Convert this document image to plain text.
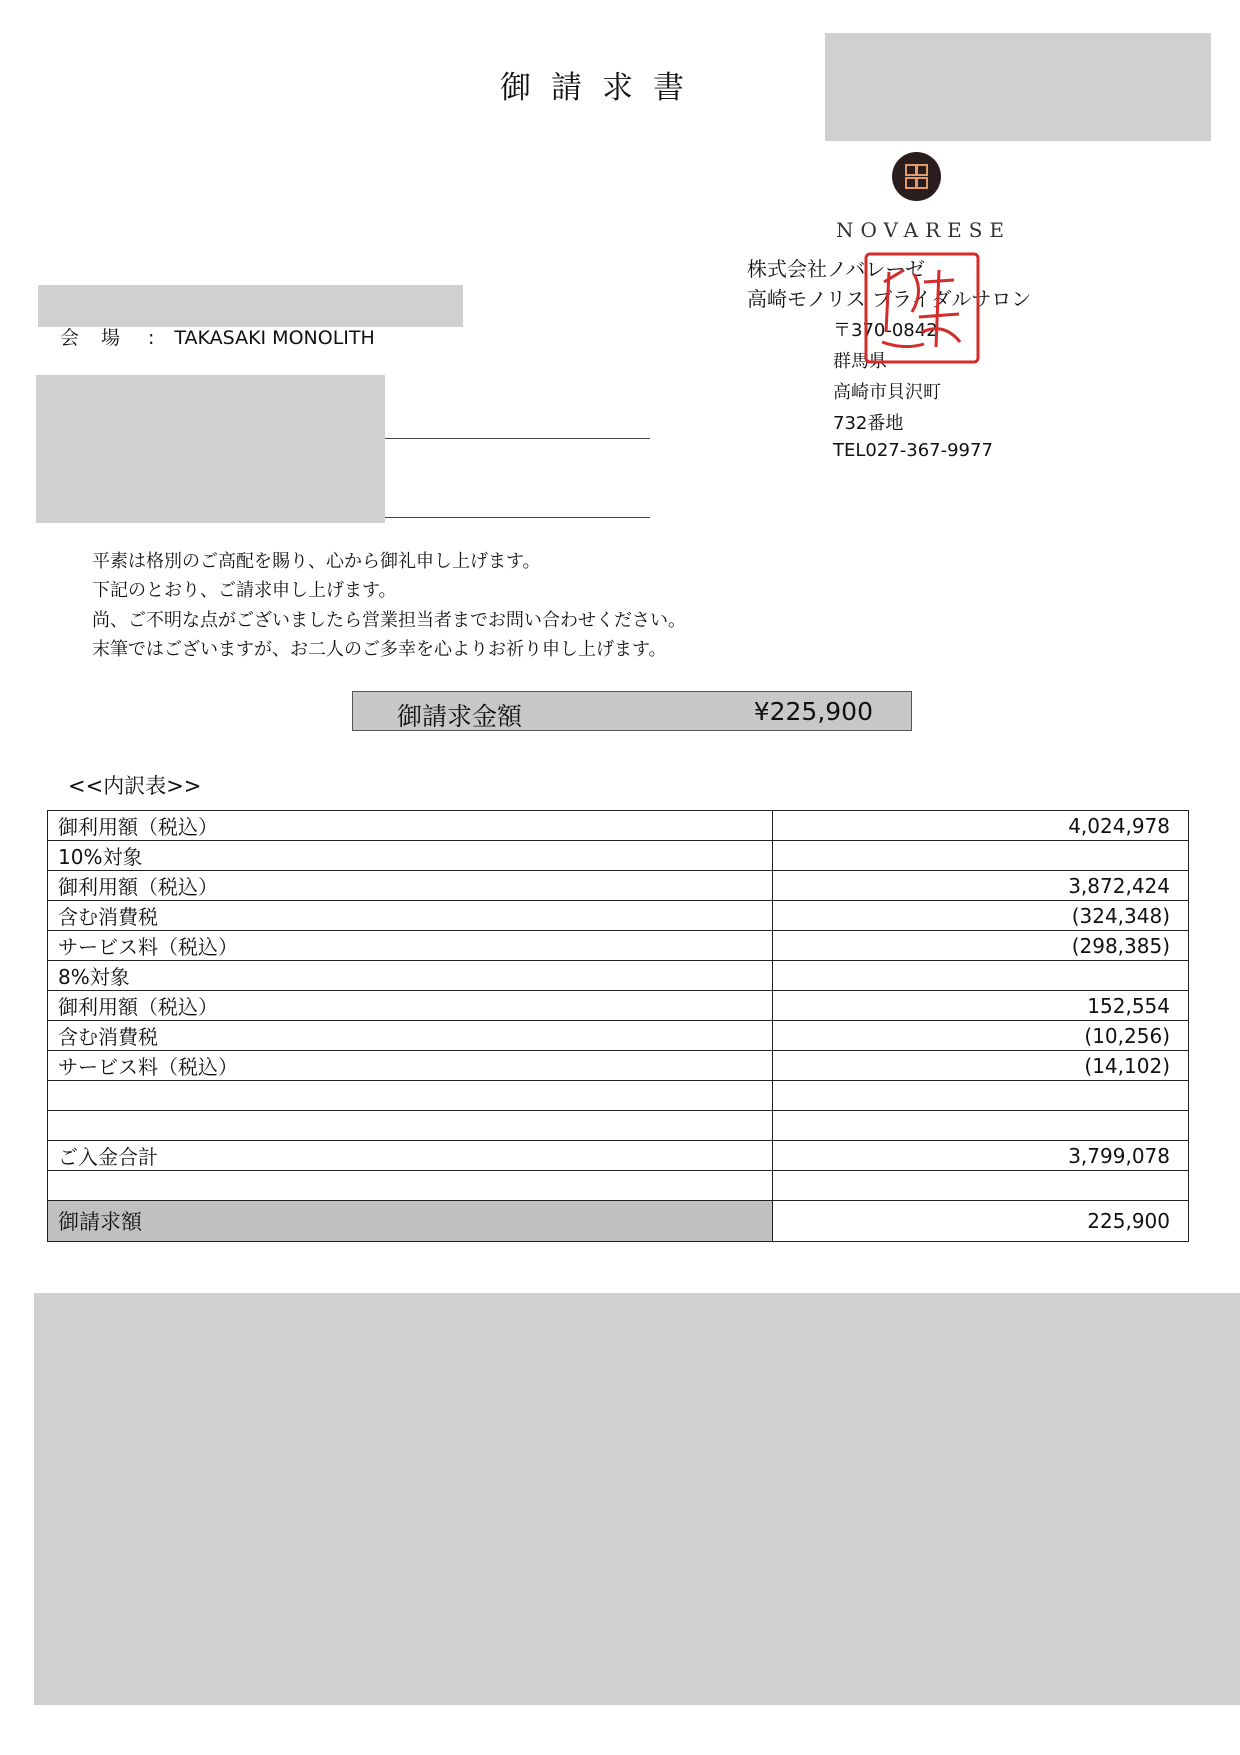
御請求書
NOVARESE
株式会社ノバレーゼ
高崎モノリス ブライダルサロン
〒370-0842
群馬県
高崎市貝沢町
732番地
TEL027-367-9977
会場 : TAKASAKI MONOLITH
平素は格別のご高配を賜り、心から御礼申し上げます。
下記のとおり、ご請求申し上げます。
尚、ご不明な点がございましたら営業担当者までお問い合わせください。
末筆ではございますが、お二人のご多幸を心よりお祈り申し上げます。
御請求金額	¥225,900
<<内訳表>>
御利用額（税込）	4,024,978
10%対象	
御利用額（税込）	3,872,424
含む消費税	(324,348)
サービス料（税込）	(298,385)
8%対象	
御利用額（税込）	152,554
含む消費税	(10,256)
サービス料（税込）	(14,102)

ご入金合計	3,799,078

御請求額	225,900
